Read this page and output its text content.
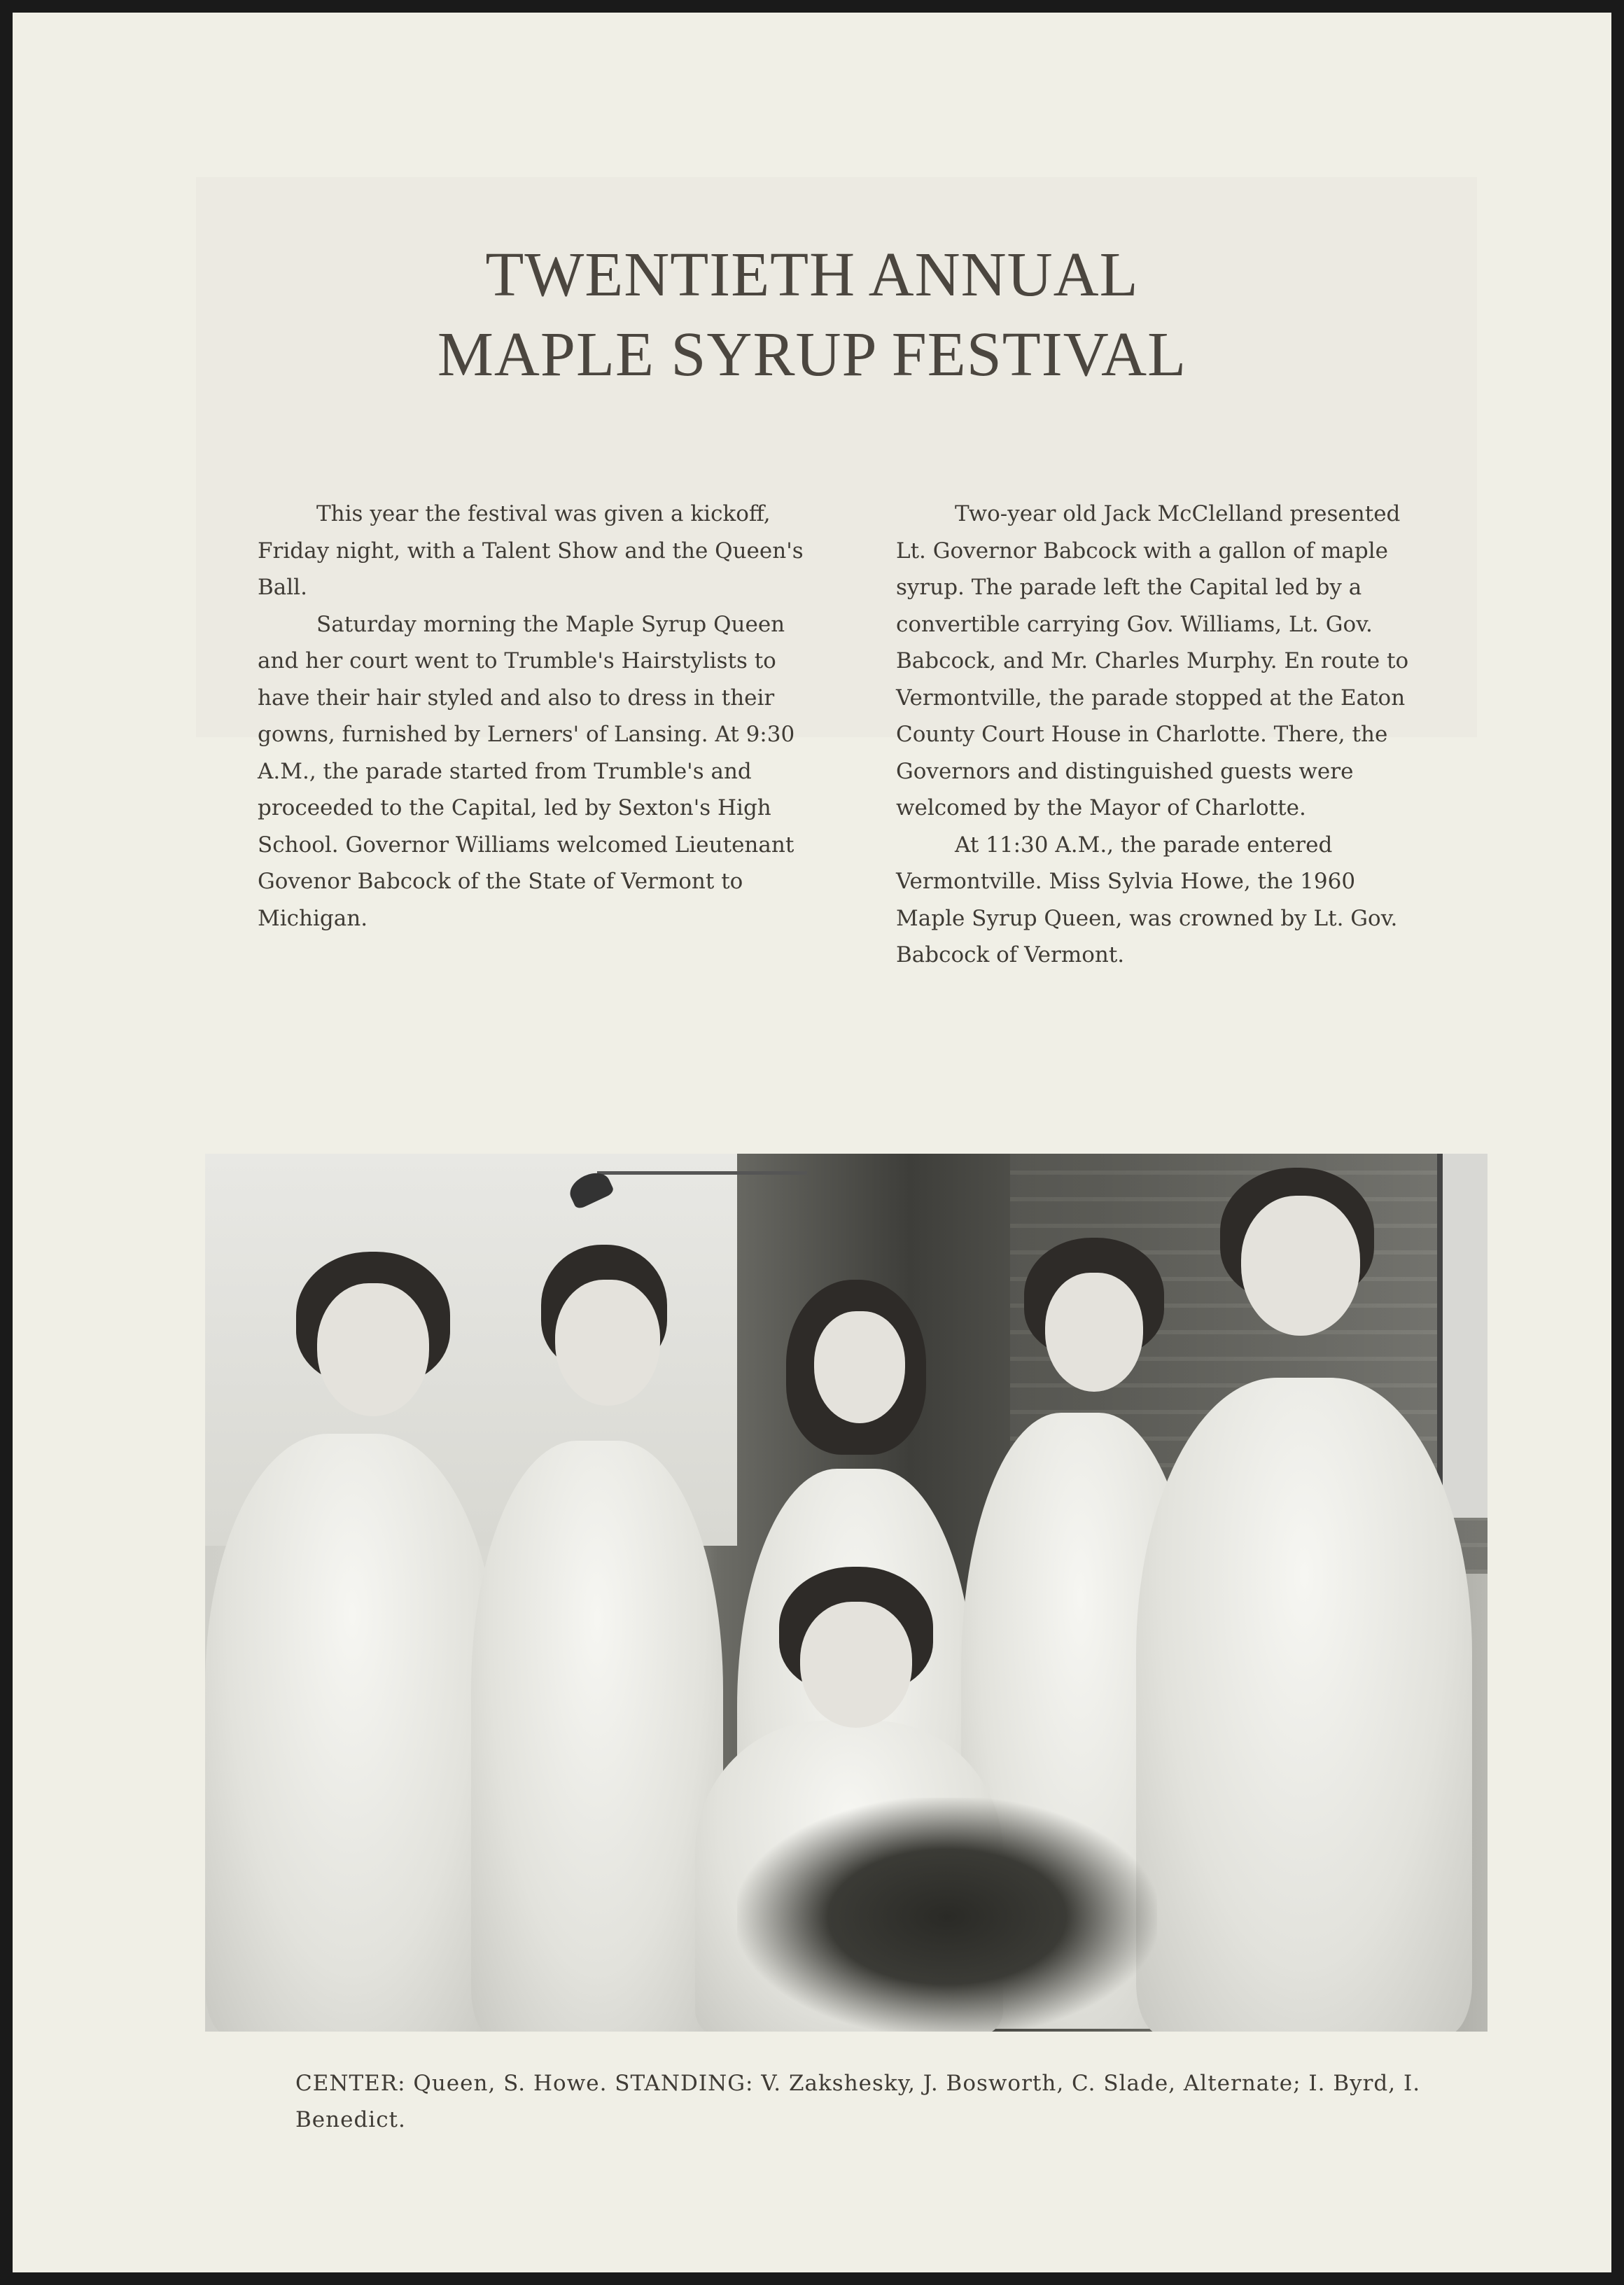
TWENTIETH ANNUAL
MAPLE SYRUP FESTIVAL

This year the festival was given a kickoff, Friday night, with a Talent Show and the Queen's Ball.

Saturday morning the Maple Syrup Queen and her court went to Trumble's Hairstylists to have their hair styled and also to dress in their gowns, furnished by Lerners' of Lansing. At 9:30 A.M., the parade started from Trumble's and proceeded to the Capital, led by Sexton's High School. Governor Williams welcomed Lieutenant Govenor Babcock of the State of Vermont to Michigan.

Two-year old Jack McClelland presented Lt. Governor Babcock with a gallon of maple syrup. The parade left the Capital led by a convertible carrying Gov. Williams, Lt. Gov. Babcock, and Mr. Charles Murphy. En route to Vermontville, the parade stopped at the Eaton County Court House in Charlotte. There, the Governors and distinguished guests were welcomed by the Mayor of Charlotte.

At 11:30 A.M., the parade entered Vermontville. Miss Sylvia Howe, the 1960 Maple Syrup Queen, was crowned by Lt. Gov. Babcock of Vermont.

CENTER: Queen, S. Howe. STANDING: V. Zakshesky, J. Bosworth, C. Slade, Alternate; I. Byrd, I. Benedict.
